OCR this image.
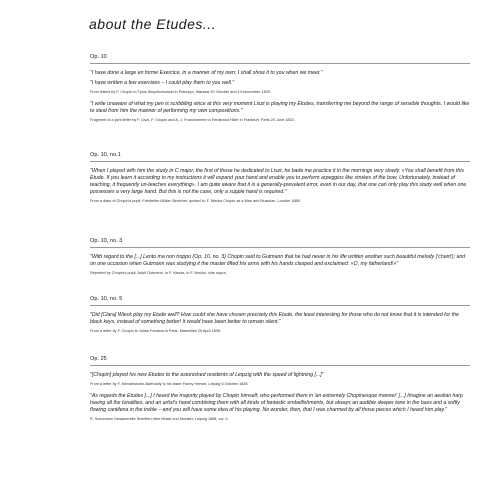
about the Etudes...
Op. 10

"I have done a large en forme Exercice, in a manner of my own; I shall show it to you when we meet."

"I have written a few exercises – I could play them to you well."

From letters by F. Chopin to Tytus Woyciechowski in Poturzyn, Warsaw 20 October and 14 November 1829.

"I write unaware of what my pen is scribbling since at this very moment Liszt is playing my Etudes, transferring me beyond the range of sensible thoughts. I would like to steal from him the manner of performing my own compositions."

Fragment of a joint letter by F. Liszt, F. Chopin and A. J. Franchomme to Ferdinand Hiller in Frankfurt, Paris 20 June 1833.

Op. 10, no.1

"When I played with him the study in C major, the first of those he dedicated to Liszt, he bade me practice it in the mornings very slowly. «You shall benefit from this Etude. If you learn it according to my instructions it will expand your hand and enable you to perform arpeggios like strokes of the bow. Unfortunately, instead of teaching, it frequently un-teaches everything». I am quite aware that it is a generally-prevalent error, even in our day, that one can only play this study well when one possesses a very large hand. But this is not the case, only a supple hand is required."

From a diary of Chopin's pupil, Friederike Müller-Streicher, quoted in: F. Niecks Chopin as a Man and Musician, London 1888.

Op. 10, no. 3

"With regard to the [...] Lento ma non troppo (Op. 10, no. 3) Chopin said to Gutmann that he had never in his life written another such beautiful melody ('chant'); and on one occasion when Gutmann was studying it the master lifted his arms with his hands clasped and exclaimed: «O, my fatherland!»"

Reported by Chopin's pupil, Adolf Gutmann, to F. Niecks, in F. Niecks, vide supra.

Op. 10, no. 5

"Did [Clara] Wieck play my Etude well? How could she have chosen precisely this Etude, the least interesting for those who do not know that it is intended for the black keys, instead of something better! It would have been better to remain silent."

From a letter by F. Chopin to Julian Fontana in Paris, Marseilles 25 April 1839.

Op. 25

"[Chopin] played his new Etudes to the astonished residents of Leipzig with the speed of lightning [...]"

From a letter by F. Mendelssohn-Bartholdy to his sister Fanny Hensel, Leipzig 6 October 1835.

"As regards the Etudes [...] I heard the majority played by Chopin himself, who performed them in 'an extremely Chopinesque manner' [...] Imagine an aeolian harp having all the tonalities, and an artist's hand combining them with all kinds of fantastic embellishments, but always an audible deeper tone in the bass and a softly flowing cantilena in the treble – and you will have some idea of his playing. No wonder, then, that I was charmed by all those pieces which I heard him play."

R. Schumann Gesammelte Schriften über Musik und Musiker, Leipzig 1888, vol. II.
